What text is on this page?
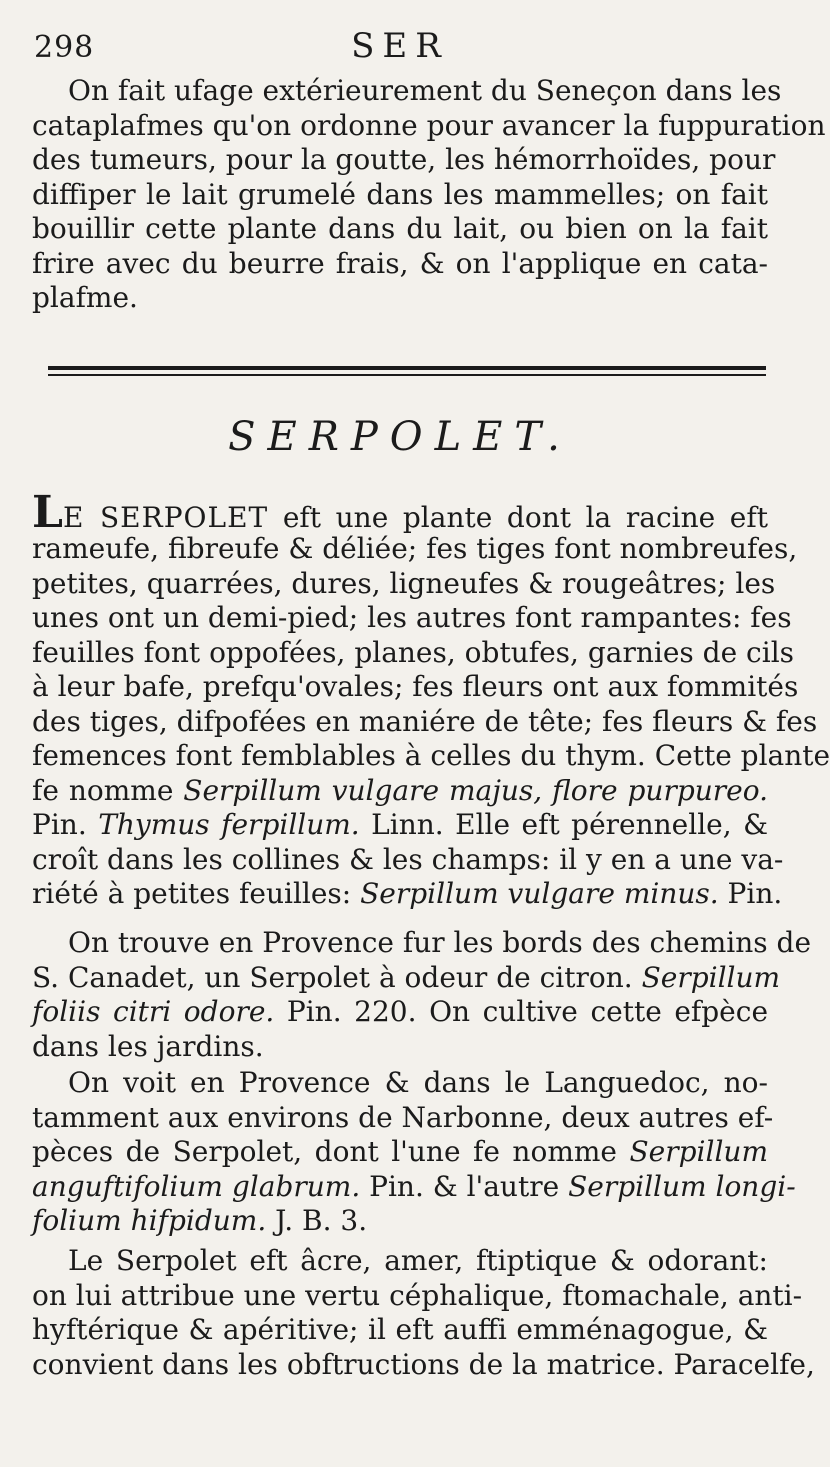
298	SER
On fait ufage extérieurement du Seneçon dans les
cataplafmes qu'on ordonne pour avancer la fuppuration
des tumeurs, pour la goutte, les hémorrhoïdes, pour
diffiper le lait grumelé dans les mammelles; on fait
bouillir cette plante dans du lait, ou bien on la fait
frire avec du beurre frais, & on l'applique en cata-
plafme.
SERPOLET.
LE SERPOLET eft une plante dont la racine eft
rameufe, fibreufe & déliée; fes tiges font nombreufes,
petites, quarrées, dures, ligneufes & rougeâtres; les
unes ont un demi-pied; les autres font rampantes: fes
feuilles font oppofées, planes, obtufes, garnies de cils
à leur bafe, prefqu'ovales; fes fleurs ont aux fommités
des tiges, difpofées en maniére de tête; fes fleurs & fes
femences font femblables à celles du thym. Cette plante
fe nomme Serpillum vulgare majus, flore purpureo.
Pin. Thymus ferpillum. Linn. Elle eft pérennelle, &
croît dans les collines & les champs: il y en a une va-
riété à petites feuilles: Serpillum vulgare minus. Pin.
On trouve en Provence fur les bords des chemins de
S. Canadet, un Serpolet à odeur de citron. Serpillum
foliis citri odore. Pin. 220. On cultive cette efpèce
dans les jardins.
On voit en Provence & dans le Languedoc, no-
tamment aux environs de Narbonne, deux autres ef-
pèces de Serpolet, dont l'une fe nomme Serpillum
anguftifolium glabrum. Pin. & l'autre Serpillum longi-
folium hifpidum. J. B. 3.
Le Serpolet eft âcre, amer, ftiptique & odorant:
on lui attribue une vertu céphalique, ftomachale, anti-
hyftérique & apéritive; il eft auffi emménagogue, &
convient dans les obftructions de la matrice. Paracelfe,
